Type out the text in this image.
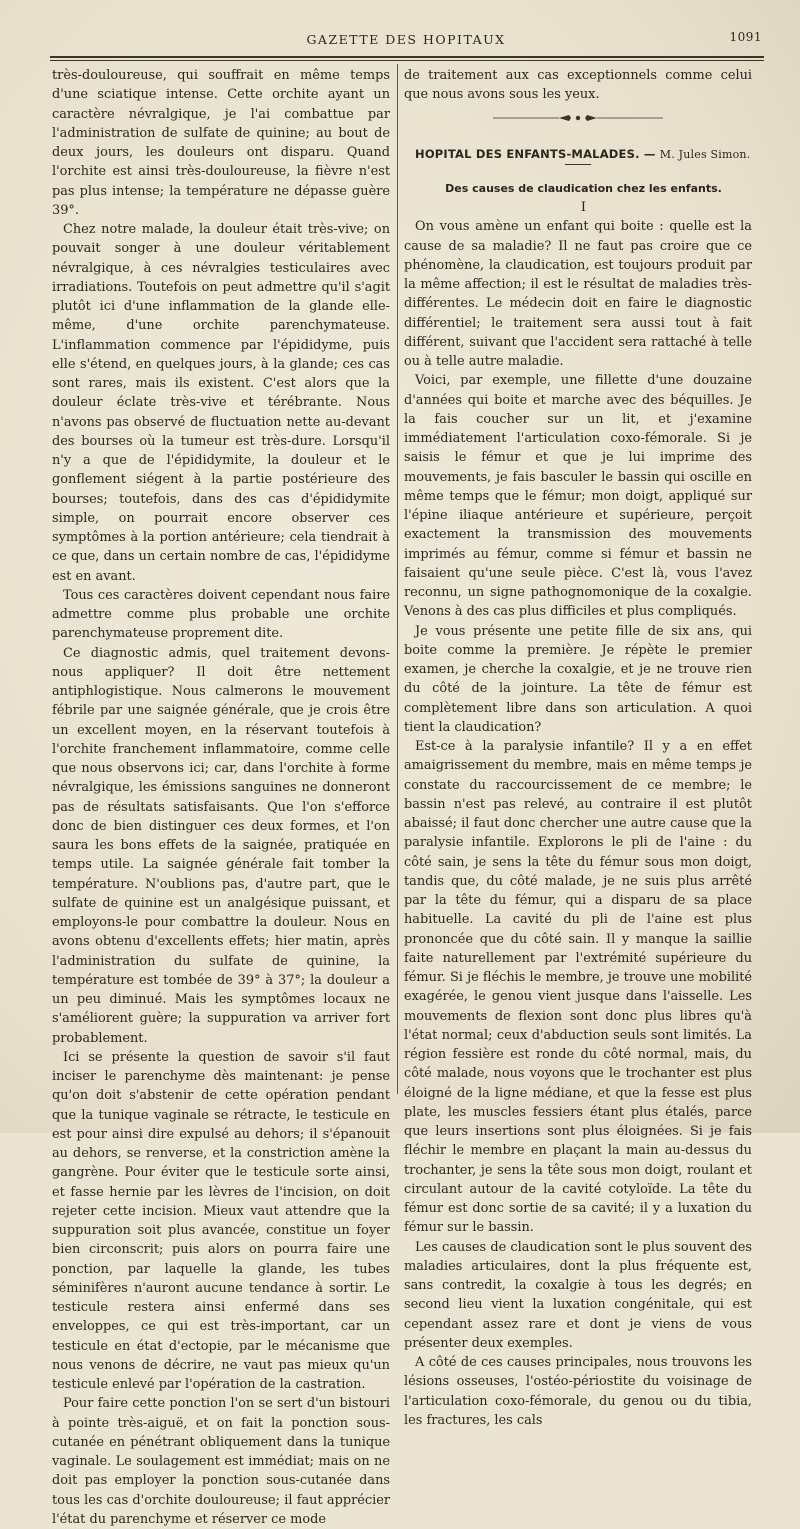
GAZETTE DES HOPITAUX	1091

très-douloureuse, qui souffrait en même temps d'une sciatique intense. Cette orchite ayant un caractère névralgique, je l'ai combattue par l'administration de sulfate de quinine; au bout de deux jours, les douleurs ont disparu. Quand l'orchite est ainsi très-douloureuse, la fièvre n'est pas plus intense; la température ne dépasse guère 39°.

Chez notre malade, la douleur était très-vive; on pouvait songer à une douleur véritablement névralgique, à ces névralgies testiculaires avec irradiations. Toutefois on peut admettre qu'il s'agit plutôt ici d'une inflammation de la glande elle-même, d'une orchite parenchymateuse. L'inflammation commence par l'épididyme, puis elle s'étend, en quelques jours, à la glande; ces cas sont rares, mais ils existent. C'est alors que la douleur éclate très-vive et térébrante. Nous n'avons pas observé de fluctuation nette au-devant des bourses où la tumeur est très-dure. Lorsqu'il n'y a que de l'épididymite, la douleur et le gonflement siégent à la partie postérieure des bourses; toutefois, dans des cas d'épididymite simple, on pourrait encore observer ces symptômes à la portion antérieure; cela tiendrait à ce que, dans un certain nombre de cas, l'épididyme est en avant.

Tous ces caractères doivent cependant nous faire admettre comme plus probable une orchite parenchymateuse proprement dite.

Ce diagnostic admis, quel traitement devons-nous appliquer? Il doit être nettement antiphlogistique. Nous calmerons le mouvement fébrile par une saignée générale, que je crois être un excellent moyen, en la réservant toutefois à l'orchite franchement inflammatoire, comme celle que nous observons ici; car, dans l'orchite à forme névralgique, les émissions sanguines ne donneront pas de résultats satisfaisants. Que l'on s'efforce donc de bien distinguer ces deux formes, et l'on saura les bons effets de la saignée, pratiquée en temps utile. La saignée générale fait tomber la température. N'oublions pas, d'autre part, que le sulfate de quinine est un analgésique puissant, et employons-le pour combattre la douleur. Nous en avons obtenu d'excellents effets; hier matin, après l'administration du sulfate de quinine, la température est tombée de 39° à 37°; la douleur a un peu diminué. Mais les symptômes locaux ne s'améliorent guère; la suppuration va arriver fort probablement.

Ici se présente la question de savoir s'il faut inciser le parenchyme dès maintenant: je pense qu'on doit s'abstenir de cette opération pendant que la tunique vaginale se rétracte, le testicule en est pour ainsi dire expulsé au dehors; il s'épanouit au dehors, se renverse, et la constriction amène la gangrène. Pour éviter que le testicule sorte ainsi, et fasse hernie par les lèvres de l'incision, on doit rejeter cette incision. Mieux vaut attendre que la suppuration soit plus avancée, constitue un foyer bien circonscrit; puis alors on pourra faire une ponction, par laquelle la glande, les tubes séminifères n'auront aucune tendance à sortir. Le testicule restera ainsi enfermé dans ses enveloppes, ce qui est très-important, car un testicule en état d'ectopie, par le mécanisme que nous venons de décrire, ne vaut pas mieux qu'un testicule enlevé par l'opération de la castration.

Pour faire cette ponction l'on se sert d'un bistouri à pointe très-aiguë, et on fait la ponction sous-cutanée en pénétrant obliquement dans la tunique vaginale. Le soulagement est immédiat; mais on ne doit pas employer la ponction sous-cutanée dans tous les cas d'orchite douloureuse; il faut apprécier l'état du parenchyme et réserver ce mode

de traitement aux cas exceptionnels comme celui que nous avons sous les yeux.

HOPITAL DES ENFANTS-MALADES. — M. Jules Simon.

Des causes de claudication chez les enfants.

I

On vous amène un enfant qui boite : quelle est la cause de sa maladie? Il ne faut pas croire que ce phénomène, la claudication, est toujours produit par la même affection; il est le résultat de maladies très-différentes. Le médecin doit en faire le diagnostic différentiel; le traitement sera aussi tout à fait différent, suivant que l'accident sera rattaché à telle ou à telle autre maladie.

Voici, par exemple, une fillette d'une douzaine d'années qui boite et marche avec des béquilles. Je la fais coucher sur un lit, et j'examine immédiatement l'articulation coxo-fémorale. Si je saisis le fémur et que je lui imprime des mouvements, je fais basculer le bassin qui oscille en même temps que le fémur; mon doigt, appliqué sur l'épine iliaque antérieure et supérieure, perçoit exactement la transmission des mouvements imprimés au fémur, comme si fémur et bassin ne faisaient qu'une seule pièce. C'est là, vous l'avez reconnu, un signe pathognomonique de la coxalgie. Venons à des cas plus difficiles et plus compliqués.

Je vous présente une petite fille de six ans, qui boite comme la première. Je répète le premier examen, je cherche la coxalgie, et je ne trouve rien du côté de la jointure. La tête de fémur est complètement libre dans son articulation. A quoi tient la claudication?

Est-ce à la paralysie infantile? Il y a en effet amaigrissement du membre, mais en même temps je constate du raccourcissement de ce membre; le bassin n'est pas relevé, au contraire il est plutôt abaissé; il faut donc chercher une autre cause que la paralysie infantile. Explorons le pli de l'aine : du côté sain, je sens la tête du fémur sous mon doigt, tandis que, du côté malade, je ne suis plus arrêté par la tête du fémur, qui a disparu de sa place habituelle. La cavité du pli de l'aine est plus prononcée que du côté sain. Il y manque la saillie faite naturellement par l'extrémité supérieure du fémur. Si je fléchis le membre, je trouve une mobilité exagérée, le genou vient jusque dans l'aisselle. Les mouvements de flexion sont donc plus libres qu'à l'état normal; ceux d'abduction seuls sont limités. La région fessière est ronde du côté normal, mais, du côté malade, nous voyons que le trochanter est plus éloigné de la ligne médiane, et que la fesse est plus plate, les muscles fessiers étant plus étalés, parce que leurs insertions sont plus éloignées. Si je fais fléchir le membre en plaçant la main au-dessus du trochanter, je sens la tête sous mon doigt, roulant et circulant autour de la cavité cotyloïde. La tête du fémur est donc sortie de sa cavité; il y a luxation du fémur sur le bassin.

Les causes de claudication sont le plus souvent des maladies articulaires, dont la plus fréquente est, sans contredit, la coxalgie à tous les degrés; en second lieu vient la luxation congénitale, qui est cependant assez rare et dont je viens de vous présenter deux exemples.

A côté de ces causes principales, nous trouvons les lésions osseuses, l'ostéo-périostite du voisinage de l'articulation coxo-fémorale, du genou ou du tibia, les fractures, les cals
